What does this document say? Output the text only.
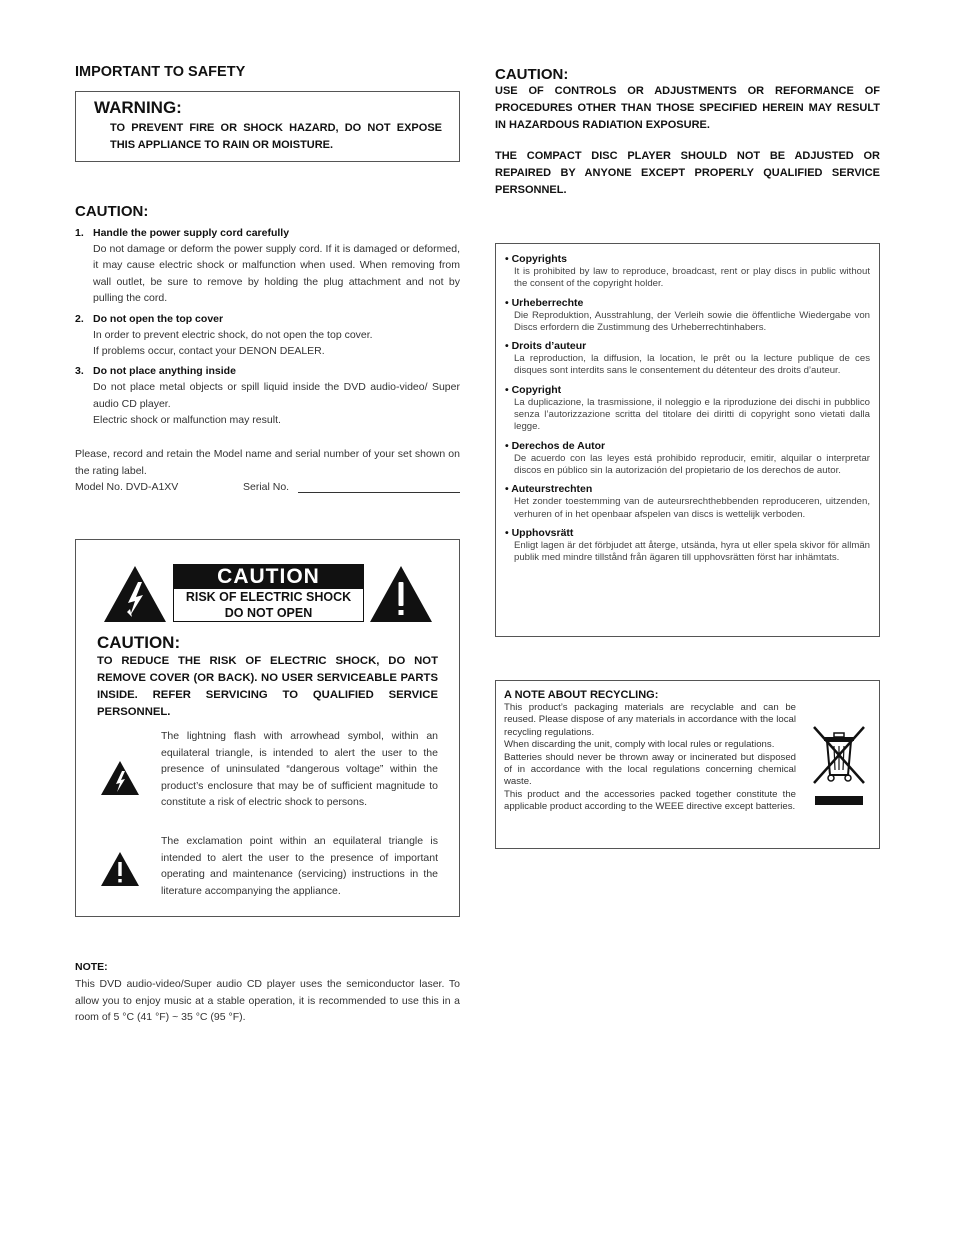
IMPORTANT TO SAFETY
WARNING:
TO PREVENT FIRE OR SHOCK HAZARD, DO NOT EXPOSE THIS APPLIANCE TO RAIN OR MOISTURE.
CAUTION:
1. Handle the power supply cord carefully
Do not damage or deform the power supply cord. If it is damaged or deformed, it may cause electric shock or malfunction when used. When removing from wall outlet, be sure to remove by holding the plug attachment and not by pulling the cord.
2. Do not open the top cover
In order to prevent electric shock, do not open the top cover.
If problems occur, contact your DENON DEALER.
3. Do not place anything inside
Do not place metal objects or spill liquid inside the DVD audio-video/ Super audio CD player.
Electric shock or malfunction may result.
Please, record and retain the Model name and serial number of your set shown on the rating label.
Model No. DVD-A1XV	Serial No.
CAUTION
RISK OF ELECTRIC SHOCK
DO NOT OPEN
CAUTION:
TO REDUCE THE RISK OF ELECTRIC SHOCK, DO NOT REMOVE COVER (OR BACK). NO USER SERVICEABLE PARTS INSIDE. REFER SERVICING TO QUALIFIED SERVICE PERSONNEL.
The lightning flash with arrowhead symbol, within an equilateral triangle, is intended to alert the user to the presence of uninsulated “dangerous voltage” within the product’s enclosure that may be of sufficient magnitude to constitute a risk of electric shock to persons.
The exclamation point within an equilateral triangle is intended to alert the user to the presence of important operating and maintenance (servicing) instructions in the literature accompanying the appliance.
NOTE:
This DVD audio-video/Super audio CD player uses the semiconductor laser. To allow you to enjoy music at a stable operation, it is recommended to use this in a room of 5 °C (41 °F) ~ 35 °C (95 °F).
CAUTION:
USE OF CONTROLS OR ADJUSTMENTS OR REFORMANCE OF PROCEDURES OTHER THAN THOSE SPECIFIED HEREIN MAY RESULT IN HAZARDOUS RADIATION EXPOSURE.
THE COMPACT DISC PLAYER SHOULD NOT BE ADJUSTED OR REPAIRED BY ANYONE EXCEPT PROPERLY QUALIFIED SERVICE PERSONNEL.
• Copyrights
It is prohibited by law to reproduce, broadcast, rent or play discs in public without the consent of the copyright holder.
• Urheberrechte
Die Reproduktion, Ausstrahlung, der Verleih sowie die öffentliche Wiedergabe von Discs erfordern die Zustimmung des Urheberrechtinhabers.
• Droits d’auteur
La reproduction, la diffusion, la location, le prêt ou la lecture publique de ces disques sont interdits sans le consentement du détenteur des droits d’auteur.
• Copyright
La duplicazione, la trasmissione, il noleggio e la riproduzione dei dischi in pubblico senza l’autorizzazione scritta del titolare dei diritti di copyright sono vietati dalla legge.
• Derechos de Autor
De acuerdo con las leyes está prohibido reproducir, emitir, alquilar o interpretar discos en público sin la autorización del propietario de los derechos de autor.
• Auteurstrechten
Het zonder toestemming van de auteursrechthebbenden reproduceren, uitzenden, verhuren of in het openbaar afspelen van discs is wettelijk verboden.
• Upphovsrätt
Enligt lagen är det förbjudet att återge, utsända, hyra ut eller spela skivor för allmän publik med mindre tillstånd från ägaren till upphovsrätten först har inhämtats.
A NOTE ABOUT RECYCLING:
This product’s packaging materials are recyclable and can be reused. Please dispose of any materials in accordance with the local recycling regulations.
When discarding the unit, comply with local rules or regulations.
Batteries should never be thrown away or incinerated but disposed of in accordance with the local regulations concerning chemical waste.
This product and the accessories packed together constitute the applicable product according to the WEEE directive except batteries.
